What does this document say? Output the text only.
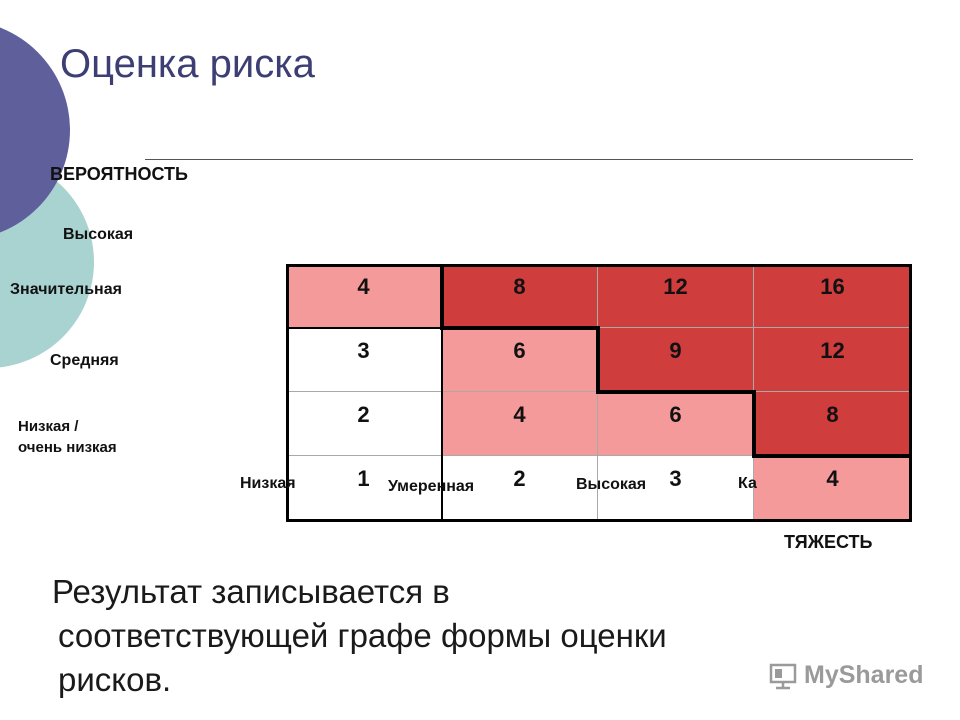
Оценка риска
ВЕРОЯТНОСТЬ
Высокая
Значительная
Средняя
Низкая /
очень низкая
4	8	12	16
3	6	9	12
2	4	6	8
1	2	3	4
Низкая	Умеренная	Высокая	Ка
ТЯЖЕСТЬ
Результат записывается в
соответствующей графе формы оценки
рисков.	MyShared
